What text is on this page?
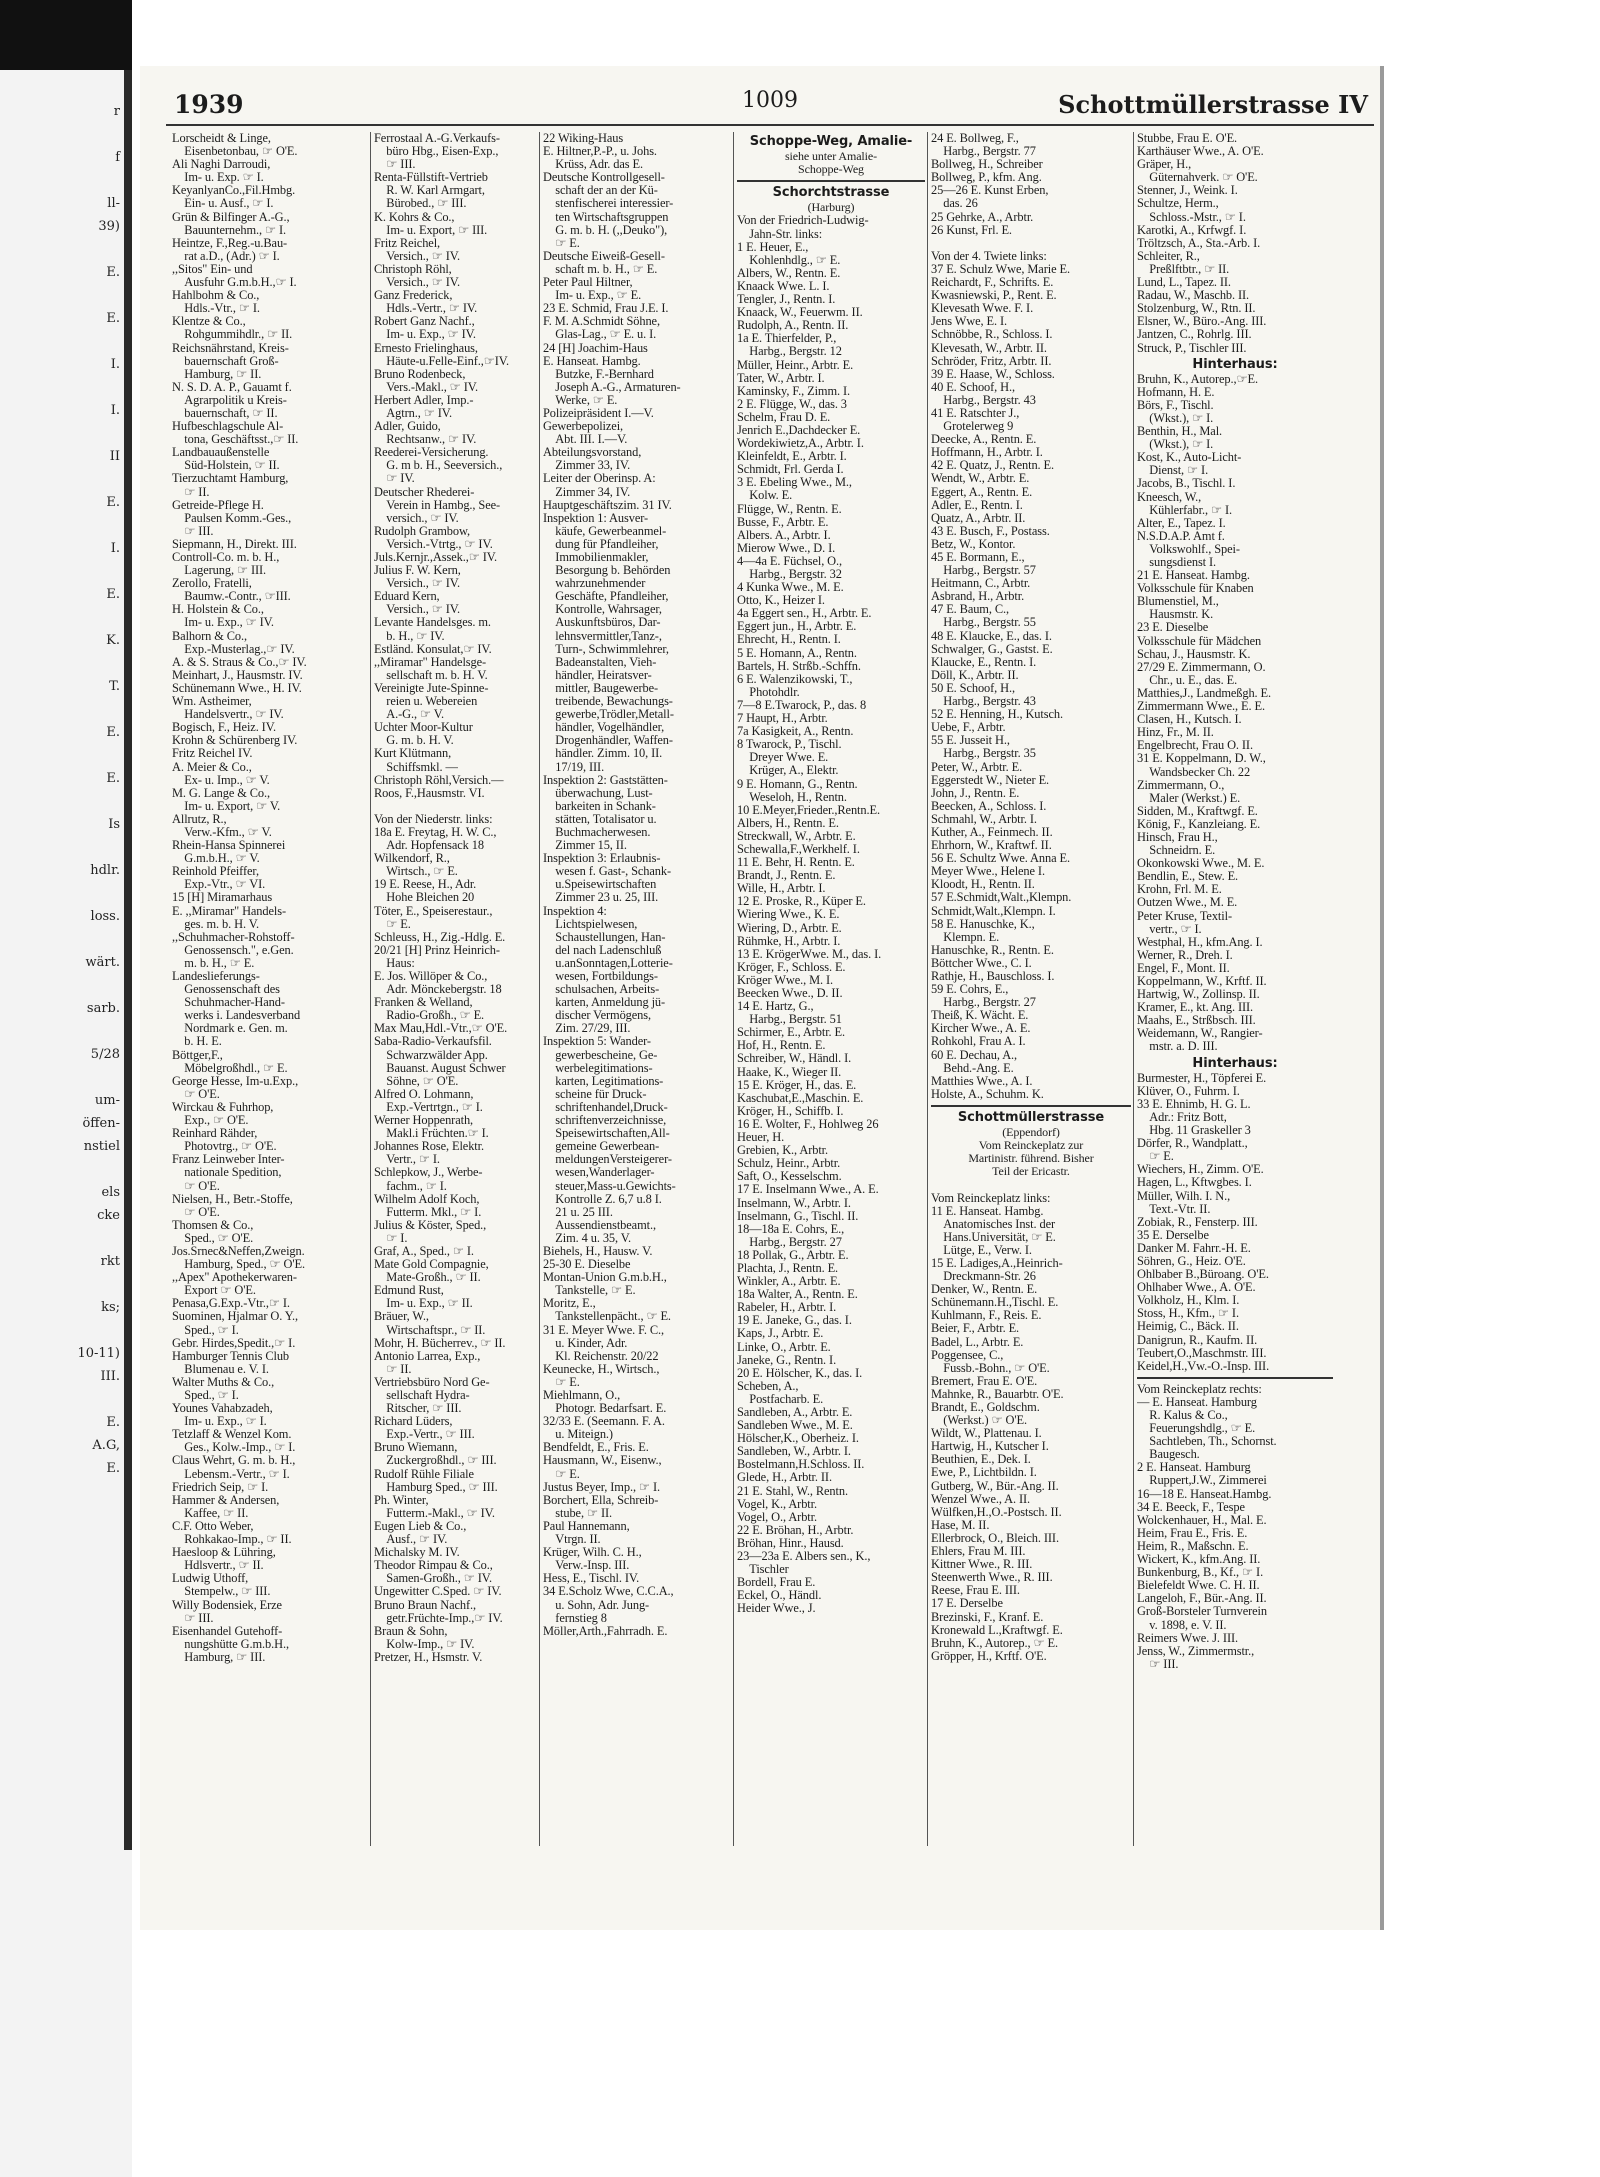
r

f

ll-
39)

E.

E.

I.

I.

II

E.

I.

E.

K.

T.

E.

E.

Is

hdlr.

loss.

wärt.

sarb.

5/28

um-
öffen-
nstiel

els
cke

rkt

ks;

10-11)
III.

E.
A.G,
E.
1939	1009	Schottmüllerstrasse IV
Lorscheidt & Linge,
 Eisenbetonbau, ☞ O'E.
Ali Naghi Darroudi,
 Im- u. Exp. ☞ I.
KeyanlyanCo.,Fil.Hmbg.
 Ein- u. Ausf., ☞ I.
Grün & Bilfinger A.-G.,
 Bauunternehm., ☞ I.
Heintze, F.,Reg.-u.Bau-
 rat a.D., (Adr.) ☞ I.
,,Sitos" Ein- und
 Ausfuhr G.m.b.H.,☞ I.
Hahlbohm & Co.,
 Hdls.-Vtr., ☞ I.
Klentze & Co.,
 Rohgummihdlr., ☞ II.
Reichsnährstand, Kreis-
 bauernschaft Groß-
 Hamburg, ☞ II.
N. S. D. A. P., Gauamt f.
 Agrarpolitik u Kreis-
 bauernschaft, ☞ II.
Hufbeschlagschule Al-
 tona, Geschäftsst.,☞ II.
Landbauaußenstelle
 Süd-Holstein, ☞ II.
Tierzuchtamt Hamburg,
 ☞ II.
Getreide-Pflege H.
 Paulsen Komm.-Ges.,
 ☞ III.
Siepmann, H., Direkt. III.
Controll-Co. m. b. H.,
 Lagerung, ☞ III.
Zerollo, Fratelli,
 Baumw.-Contr., ☞III.
H. Holstein & Co.,
 Im- u. Exp., ☞ IV.
Balhorn & Co.,
 Exp.-Musterlag.,☞ IV.
A. & S. Straus & Co.,☞ IV.
Meinhart, J., Hausmstr. IV.
Schünemann Wwe., H. IV.
Wm. Astheimer,
 Handelsvertr., ☞ IV.
Bogisch, F., Heiz. IV.
Krohn & Schürenberg IV.
Fritz Reichel IV.
A. Meier & Co.,
 Ex- u. Imp., ☞ V.
M. G. Lange & Co.,
 Im- u. Export, ☞ V.
Allrutz, R.,
 Verw.-Kfm., ☞ V.
Rhein-Hansa Spinnerei
 G.m.b.H., ☞ V.
Reinhold Pfeiffer,
 Exp.-Vtr., ☞ VI.
15 [H] Miramarhaus
E. ,,Miramar" Handels-
 ges. m. b. H. V.
,,Schuhmacher-Rohstoff-
 Genossensch.", e.Gen.
 m. b. H., ☞ E.
Landeslieferungs-
 Genossenschaft des
 Schuhmacher-Hand-
 werks i. Landesverband
 Nordmark e. Gen. m.
 b. H. E.
Böttger,F.,
 Möbelgroßhdl., ☞ E.
George Hesse, Im-u.Exp.,
 ☞ O'E.
Wirckau & Fuhrhop,
 Exp., ☞ O'E.
Reinhard Rähder,
 Photovtrg., ☞ O'E.
Franz Leinweber Inter-
 nationale Spedition,
 ☞ O'E.
Nielsen, H., Betr.-Stoffe,
 ☞ O'E.
Thomsen & Co.,
 Sped., ☞ O'E.
Jos.Srnec&Neffen,Zweign.
 Hamburg, Sped., ☞ O'E.
,,Apex" Apothekerwaren-
 Export ☞ O'E.
Penasa,G.Exp.-Vtr.,☞ I.
Suominen, Hjalmar O. Y.,
 Sped., ☞ I.
Gebr. Hirdes,Spedit.,☞ I.
Hamburger Tennis Club
 Blumenau e. V. I.
Walter Muths & Co.,
 Sped., ☞ I.
Younes Vahabzadeh,
 Im- u. Exp., ☞ I.
Tetzlaff & Wenzel Kom.
 Ges., Kolw.-Imp., ☞ I.
Claus Wehrt, G. m. b. H.,
 Lebensm.-Vertr., ☞ I.
Friedrich Seip, ☞ I.
Hammer & Andersen,
 Kaffee, ☞ II.
C.F. Otto Weber,
 Rohkakao-Imp., ☞ II.
Haesloop & Lühring,
 Hdlsvertr., ☞ II.
Ludwig Uthoff,
 Stempelw., ☞ III.
Willy Bodensiek, Erze
 ☞ III.
Eisenhandel Gutehoff-
 nungshütte G.m.b.H.,
 Hamburg, ☞ III.
Ferrostaal A.-G.Verkaufs-
 büro Hbg., Eisen-Exp.,
 ☞ III.
Renta-Füllstift-Vertrieb
 R. W. Karl Armgart,
 Bürobed., ☞ III.
K. Kohrs & Co.,
 Im- u. Export, ☞ III.
Fritz Reichel,
 Versich., ☞ IV.
Christoph Röhl,
 Versich., ☞ IV.
Ganz Frederick,
 Hdls.-Vertr., ☞ IV.
Robert Ganz Nachf.,
 Im- u. Exp., ☞ IV.
Ernesto Frielinghaus,
 Häute-u.Felle-Einf.,☞IV.
Bruno Rodenbeck,
 Vers.-Makl., ☞ IV.
Herbert Adler, Imp.-
 Agtrn., ☞ IV.
Adler, Guido,
 Rechtsanw., ☞ IV.
Reederei-Versicherung.
 G. m b. H., Seeversich.,
 ☞ IV.
Deutscher Rhederei-
 Verein in Hambg., See-
 versich., ☞ IV.
Rudolph Grambow,
 Versich.-Vtrtg., ☞ IV.
Juls.Kernjr.,Assek.,☞ IV.
Julius F. W. Kern,
 Versich., ☞ IV.
Eduard Kern,
 Versich., ☞ IV.
Levante Handelsges. m.
 b. H., ☞ IV.
Estländ. Konsulat,☞ IV.
,,Miramar" Handelsge-
 sellschaft m. b. H. V.
Vereinigte Jute-Spinne-
 reien u. Webereien
 A.-G., ☞ V.
Uchter Moor-Kultur
 G. m. b. H. V.
Kurt Klütmann,
 Schiffsmkl. —
Christoph Röhl,Versich.—
Roos, F.,Hausmstr. VI.

Von der Niederstr. links:
18a E. Freytag, H. W. C.,
 Adr. Hopfensack 18
Wilkendorf, R.,
 Wirtsch., ☞ E.
19 E. Reese, H., Adr.
 Hohe Bleichen 20
Töter, E., Speiserestaur.,
 ☞ E.
Schleuss, H., Zig.-Hdlg. E.
20/21 [H] Prinz Heinrich-
 Haus:
E. Jos. Willöper & Co.,
 Adr. Mönckebergstr. 18
Franken & Welland,
 Radio-Großh., ☞ E.
Max Mau,Hdl.-Vtr.,☞ O'E.
Saba-Radio-Verkaufsfil.
 Schwarzwälder App.
 Bauanst. August Schwer
 Söhne, ☞ O'E.
Alfred O. Lohmann,
 Exp.-Vertrtgn., ☞ I.
Werner Hoppenrath,
 Makl.i Früchten.☞ I.
Johannes Rose, Elektr.
 Vertr., ☞ I.
Schlepkow, J., Werbe-
 fachm., ☞ I.
Wilhelm Adolf Koch,
 Futterm. Mkl., ☞ I.
Julius & Köster, Sped.,
 ☞ I.
Graf, A., Sped., ☞ I.
Mate Gold Compagnie,
 Mate-Großh., ☞ II.
Edmund Rust,
 Im- u. Exp., ☞ II.
Bräuer, W.,
 Wirtschaftspr., ☞ II.
Mohr, H. Bücherrev., ☞ II.
Antonio Larrea, Exp.,
 ☞ II.
Vertriebsbüro Nord Ge-
 sellschaft Hydra-
 Ritscher, ☞ III.
Richard Lüders,
 Exp.-Vertr., ☞ III.
Bruno Wiemann,
 Zuckergroßhdl., ☞ III.
Rudolf Rühle Filiale
 Hamburg Sped., ☞ III.
Ph. Winter,
 Futterm.-Makl., ☞ IV.
Eugen Lieb & Co.,
 Ausf., ☞ IV.
Michalsky M. IV.
Theodor Rimpau & Co.,
 Samen-Großh., ☞ IV.
Ungewitter C.Sped. ☞ IV.
Bruno Braun Nachf.,
 getr.Früchte-Imp.,☞ IV.
Braun & Sohn,
 Kolw-Imp., ☞ IV.
Pretzer, H., Hsmstr. V.
22 Wiking-Haus
E. Hiltner,P.-P., u. Johs.
 Krüss, Adr. das E.
Deutsche Kontrollgesell-
 schaft der an der Kü-
 stenfischerei interessier-
 ten Wirtschaftsgruppen
 G. m. b. H. (,,Deuko"),
 ☞ E.
Deutsche Eiweiß-Gesell-
 schaft m. b. H., ☞ E.
Peter Paul Hiltner,
 Im- u. Exp., ☞ E.
23 E. Schmid, Frau J.E. I.
F. M. A.Schmidt Söhne,
 Glas-Lag., ☞ E. u. I.
24 [H] Joachim-Haus
E. Hanseat. Hambg.
 Butzke, F.-Bernhard
 Joseph A.-G., Armaturen-
 Werke, ☞ E.
Polizeipräsident I.—V.
Gewerbepolizei,
 Abt. III. I.—V.
Abteilungsvorstand,
 Zimmer 33, IV.
Leiter der Oberinsp. A:
 Zimmer 34, IV.
Hauptgeschäftszim. 31 IV.
Inspektion 1: Ausver-
 käufe, Gewerbeanmel-
 dung für Pfandleiher,
 Immobilienmakler,
 Besorgung b. Behörden
 wahrzunehmender
 Geschäfte, Pfandleiher,
 Kontrolle, Wahrsager,
 Auskunftsbüros, Dar-
 lehnsvermittler,Tanz-,
 Turn-, Schwimmlehrer,
 Badeanstalten, Vieh-
 händler, Heiratsver-
 mittler, Baugewerbe-
 treibende, Bewachungs-
 gewerbe,Trödler,Metall-
 händler, Vogelhändler,
 Drogenhändler, Waffen-
 händler. Zimm. 10, II.
 17/19, III.
Inspektion 2: Gaststätten-
 überwachung, Lust-
 barkeiten in Schank-
 stätten, Totalisator u.
 Buchmacherwesen.
 Zimmer 15, II.
Inspektion 3: Erlaubnis-
 wesen f. Gast-, Schank-
 u.Speisewirtschaften
 Zimmer 23 u. 25, III.
Inspektion 4:
 Lichtspielwesen,
 Schaustellungen, Han-
 del nach Ladenschluß
 u.anSonntagen,Lotterie-
 wesen, Fortbildungs-
 schulsachen, Arbeits-
 karten, Anmeldung jü-
 discher Vermögens,
 Zim. 27/29, III.
Inspektion 5: Wander-
 gewerbescheine, Ge-
 werbelegitimations-
 karten, Legitimations-
 scheine für Druck-
 schriftenhandel,Druck-
 schriftenverzeichnisse,
 Speisewirtschaften,All-
 gemeine Gewerbean-
 meldungenVersteigerer-
 wesen,Wanderlager-
 steuer,Mass-u.Gewichts-
 Kontrolle Z. 6,7 u.8 I.
 21 u. 25 III.
 Aussendienstbeamt.,
 Zim. 4 u. 35, V.
Biehels, H., Hausw. V.
25-30 E. Dieselbe
Montan-Union G.m.b.H.,
 Tankstelle, ☞ E.
Moritz, E.,
 Tankstellenpächt., ☞ E.
31 E. Meyer Wwe. F. C.,
 u. Kinder, Adr.
 Kl. Reichenstr. 20/22
Keunecke, H., Wirtsch.,
 ☞ E.
Miehlmann, O.,
 Photogr. Bedarfsart. E.
32/33 E. (Seemann. F. A.
 u. Miteign.)
Bendfeldt, E., Fris. E.
Hausmann, W., Eisenw.,
 ☞ E.
Justus Beyer, Imp., ☞ I.
Borchert, Ella, Schreib-
 stube, ☞ II.
Paul Hannemann,
 Vtrgn. II.
Krüger, Wilh. C. H.,
 Verw.-Insp. III.
Hess, E., Tischl. IV.
34 E.Scholz Wwe, C.C.A.,
 u. Sohn, Adr. Jung-
 fernstieg 8
Möller,Arth.,Fahrradh. E.
Schoppe-Weg, Amalie-
siehe unter Amalie-
Schoppe-Weg
Schorchtstrasse
(Harburg)
Von der Friedrich-Ludwig-
 Jahn-Str. links:
1 E. Heuer, E.,
 Kohlenhdlg., ☞ E.
Albers, W., Rentn. E.
Knaack Wwe. L. I.
Tengler, J., Rentn. I.
Knaack, W., Feuerwm. II.
Rudolph, A., Rentn. II.
1a E. Thierfelder, P.,
 Harbg., Bergstr. 12
Müller, Heinr., Arbtr. E.
Tater, W., Arbtr. I.
Kaminsky, F., Zimm. I.
2 E. Flügge, W., das. 3
Schelm, Frau D. E.
Jenrich E.,Dachdecker E.
Wordekiwietz,A., Arbtr. I.
Kleinfeldt, E., Arbtr. I.
Schmidt, Frl. Gerda I.
3 E. Ebeling Wwe., M.,
 Kolw. E.
Flügge, W., Rentn. E.
Busse, F., Arbtr. E.
Albers. A., Arbtr. I.
Mierow Wwe., D. I.
4—4a E. Füchsel, O.,
 Harbg., Bergstr. 32
4 Kunka Wwe., M. E.
Otto, K., Heizer I.
4a Eggert sen., H., Arbtr. E.
Eggert jun., H., Arbtr. E.
Ehrecht, H., Rentn. I.
5 E. Homann, A., Rentn.
Bartels, H. Strßb.-Schffn.
6 E. Walenzikowski, T.,
 Photohdlr.
7—8 E.Twarock, P., das. 8
7 Haupt, H., Arbtr.
7a Kasigkeit, A., Rentn.
8 Twarock, P., Tischl.
 Dreyer Wwe. E.
 Krüger, A., Elektr.
9 E. Homann, G., Rentn.
 Weseloh, H., Rentn.
10 E.Meyer,Frieder.,Rentn.E.
Albers, H., Rentn. E.
Streckwall, W., Arbtr. E.
Schewalla,F.,Werkhelf. I.
11 E. Behr, H. Rentn. E.
Brandt, J., Rentn. E.
Wille, H., Arbtr. I.
12 E. Proske, R., Küper E.
Wiering Wwe., K. E.
Wiering, D., Arbtr. E.
Rühmke, H., Arbtr. I.
13 E. KrögerWwe. M., das. I.
Kröger, F., Schloss. E.
Kröger Wwe., M. I.
Beecken Wwe., D. II.
14 E. Hartz, G.,
 Harbg., Bergstr. 51
Schirmer, E., Arbtr. E.
Hof, H., Rentn. E.
Schreiber, W., Händl. I.
Haake, K., Wieger II.
15 E. Kröger, H., das. E.
Kaschubat,E.,Maschin. E.
Kröger, H., Schiffb. I.
16 E. Wolter, F., Hohlweg 26
Heuer, H.
Grebien, K., Arbtr.
Schulz, Heinr., Arbtr.
Saft, O., Kesselschm.
17 E. Inselmann Wwe., A. E.
Inselmann, W., Arbtr. I.
Inselmann, G., Tischl. II.
18—18a E. Cohrs, E.,
 Harbg., Bergstr. 27
18 Pollak, G., Arbtr. E.
Plachta, J., Rentn. E.
Winkler, A., Arbtr. E.
18a Walter, A., Rentn. E.
Rabeler, H., Arbtr. I.
19 E. Janeke, G., das. I.
Kaps, J., Arbtr. E.
Linke, O., Arbtr. E.
Janeke, G., Rentn. I.
20 E. Hölscher, K., das. I.
Scheben, A.,
 Postfacharb. E.
Sandleben, A., Arbtr. E.
Sandleben Wwe., M. E.
Hölscher,K., Oberheiz. I.
Sandleben, W., Arbtr. I.
Bostelmann,H.Schloss. II.
Glede, H., Arbtr. II.
21 E. Stahl, W., Rentn.
Vogel, K., Arbtr.
Vogel, O., Arbtr.
22 E. Bröhan, H., Arbtr.
Bröhan, Hinr., Hausd.
23—23a E. Albers sen., K.,
 Tischler
Bordell, Frau E.
Eckel, O., Händl.
Heider Wwe., J.
24 E. Bollweg, F.,
 Harbg., Bergstr. 77
Bollweg, H., Schreiber
Bollweg, P., kfm. Ang.
25—26 E. Kunst Erben,
 das. 26
25 Gehrke, A., Arbtr.
26 Kunst, Frl. E.

Von der 4. Twiete links:
37 E. Schulz Wwe, Marie E.
Reichardt, F., Schrifts. E.
Kwasniewski, P., Rent. E.
Klevesath Wwe. F. I.
Jens Wwe, E. I.
Schnöbbe, R., Schloss. I.
Klevesath, W., Arbtr. II.
Schröder, Fritz, Arbtr. II.
39 E. Haase, W., Schloss.
40 E. Schoof, H.,
 Harbg., Bergstr. 43
41 E. Ratschter J.,
 Grotelerweg 9
Deecke, A., Rentn. E.
Hoffmann, H., Arbtr. I.
42 E. Quatz, J., Rentn. E.
Wendt, W., Arbtr. E.
Eggert, A., Rentn. E.
Adler, E., Rentn. I.
Quatz, A., Arbtr. II.
43 E. Busch, F., Postass.
Betz, W., Kontor.
45 E. Bormann, E.,
 Harbg., Bergstr. 57
Heitmann, C., Arbtr.
Asbrand, H., Arbtr.
47 E. Baum, C.,
 Harbg., Bergstr. 55
48 E. Klaucke, E., das. I.
Schwalger, G., Gastst. E.
Klaucke, E., Rentn. I.
Döll, K., Arbtr. II.
50 E. Schoof, H.,
 Harbg., Bergstr. 43
52 E. Henning, H., Kutsch.
Uebe, F., Arbtr.
55 E. Jusseit H.,
 Harbg., Bergstr. 35
Peter, W., Arbtr. E.
Eggerstedt W., Nieter E.
John, J., Rentn. E.
Beecken, A., Schloss. I.
Schmahl, W., Arbtr. I.
Kuther, A., Feinmech. II.
Ehrhorn, W., Kraftwf. II.
56 E. Schultz Wwe. Anna E.
Meyer Wwe., Helene I.
Kloodt, H., Rentn. II.
57 E.Schmidt,Walt.,Klempn.
Schmidt,Walt.,Klempn. I.
58 E. Hanuschke, K.,
 Klempn. E.
Hanuschke, R., Rentn. E.
Böttcher Wwe., C. I.
Rathje, H., Bauschloss. I.
59 E. Cohrs, E.,
 Harbg., Bergstr. 27
Theiß, K. Wächt. E.
Kircher Wwe., A. E.
Rohkohl, Frau A. I.
60 E. Dechau, A.,
 Behd.-Ang. E.
Matthies Wwe., A. I.
Holste, A., Schuhm. K.
Schottmüllerstrasse
(Eppendorf)
Vom Reinckeplatz zur
Martinistr. führend. Bisher
Teil der Ericastr.

Vom Reinckeplatz links:
11 E. Hanseat. Hambg.
 Anatomisches Inst. der
 Hans.Universität, ☞ E.
 Lütge, E., Verw. I.
15 E. Ladiges,A.,Heinrich-
 Dreckmann-Str. 26
Denker, W., Rentn. E.
Schünemann.H.,Tischl. E.
Kuhlmann, F., Reis. E.
Beier, F., Arbtr. E.
Badel, L., Arbtr. E.
Poggensee, C.,
 Fussb.-Bohn., ☞ O'E.
Bremert, Frau E. O'E.
Mahnke, R., Bauarbtr. O'E.
Brandt, E., Goldschm.
 (Werkst.) ☞ O'E.
Wildt, W., Plattenau. I.
Hartwig, H., Kutscher I.
Beuthien, E., Dek. I.
Ewe, P., Lichtbildn. I.
Gutberg, W., Bür.-Ang. II.
Wenzel Wwe., A. II.
Wülfken,H.,O.-Postsch. II.
Hase, M. II.
Ellerbrock, O., Bleich. III.
Ehlers, Frau M. III.
Kittner Wwe., R. III.
Steenwerth Wwe., R. III.
Reese, Frau E. III.
17 E. Derselbe
Brezinski, F., Kranf. E.
Kronewald L.,Kraftwgf. E.
Bruhn, K., Autorep., ☞ E.
Gröpper, H., Krftf. O'E.
Stubbe, Frau E. O'E.
Karthäuser Wwe., A. O'E.
Gräper, H.,
 Güternahverk. ☞ O'E.
Stenner, J., Weink. I.
Schultze, Herm.,
 Schloss.-Mstr., ☞ I.
Karotki, A., Krfwgf. I.
Tröltzsch, A., Sta.-Arb. I.
Schleiter, R.,
 Preßlftbtr., ☞ II.
Lund, L., Tapez. II.
Radau, W., Maschb. II.
Stolzenburg, W., Rtn. II.
Elsner, W., Büro.-Ang. III.
Jantzen, C., Rohrlg. III.
Struck, P., Tischler III.
Hinterhaus:
Bruhn, K., Autorep.,☞E.
Hofmann, H. E.
Börs, F., Tischl.
 (Wkst.), ☞ I.
Benthin, H., Mal.
 (Wkst.), ☞ I.
Kost, K., Auto-Licht-
 Dienst, ☞ I.
Jacobs, B., Tischl. I.
Kneesch, W.,
 Kühlerfabr., ☞ I.
Alter, E., Tapez. I.
N.S.D.A.P. Amt f.
 Volkswohlf., Spei-
 sungsdienst I.
21 E. Hanseat. Hambg.
Volksschule für Knaben
Blumenstiel, M.,
 Hausmstr. K.
23 E. Dieselbe
Volksschule für Mädchen
Schau, J., Hausmstr. K.
27/29 E. Zimmermann, O.
 Chr., u. E., das. E.
Matthies,J., Landmeßgh. E.
Zimmermann Wwe., E. E.
Clasen, H., Kutsch. I.
Hinz, Fr., M. II.
Engelbrecht, Frau O. II.
31 E. Koppelmann, D. W.,
 Wandsbecker Ch. 22
Zimmermann, O.,
 Maler (Werkst.) E.
Sidden, M., Kraftwgf. E.
König, F., Kanzleiang. E.
Hinsch, Frau H.,
 Schneidrn. E.
Okonkowski Wwe., M. E.
Bendlin, E., Stew. E.
Krohn, Frl. M. E.
Outzen Wwe., M. E.
Peter Kruse, Textil-
 vertr., ☞ I.
Westphal, H., kfm.Ang. I.
Werner, R., Dreh. I.
Engel, F., Mont. II.
Koppelmann, W., Krftf. II.
Hartwig, W., Zollinsp. II.
Kramer, E., kt. Ang. III.
Maahs, E., Strßbsch. III.
Weidemann, W., Rangier-
 mstr. a. D. III.
Hinterhaus:
Burmester, H., Töpferei E.
Klüver, O., Fuhrm. I.
33 E. Ehnimb, H. G. L.
 Adr.: Fritz Bott,
 Hbg. 11 Graskeller 3
Dörfer, R., Wandplatt.,
 ☞ E.
Wiechers, H., Zimm. O'E.
Hagen, L., Kftwgbes. I.
Müller, Wilh. I. N.,
 Text.-Vtr. II.
Zobiak, R., Fensterp. III.
35 E. Derselbe
Danker M. Fahrr.-H. E.
Söhren, G., Heiz. O'E.
Ohlbaber B.,Büroang. O'E.
Ohlhaber Wwe., A. O'E.
Volkholz, H., Klm. I.
Stoss, H., Kfm., ☞ I.
Heimig, C., Bäck. II.
Danigrun, R., Kaufm. II.
Teubert,O.,Maschmstr. III.
Keidel,H.,Vw.-O.-Insp. III.
Vom Reinckeplatz rechts:
— E. Hanseat. Hamburg
 R. Kalus & Co.,
 Feuerungshdlg., ☞ E.
 Sachtleben, Th., Schornst.
 Baugesch.
2 E. Hanseat. Hamburg
 Ruppert,J.W., Zimmerei
16—18 E. Hanseat.Hambg.
34 E. Beeck, F., Tespe
Wolckenhauer, H., Mal. E.
Heim, Frau E., Fris. E.
Heim, R., Maßschn. E.
Wickert, K., kfm.Ang. II.
Bunkenburg, B., Kf., ☞ I.
Bielefeldt Wwe. C. H. II.
Langeloh, F., Bür.-Ang. II.
Groß-Borsteler Turnverein
 v. 1898, e. V. II.
Reimers Wwe. J. III.
Jenss, W., Zimmermstr.,
 ☞ III.
